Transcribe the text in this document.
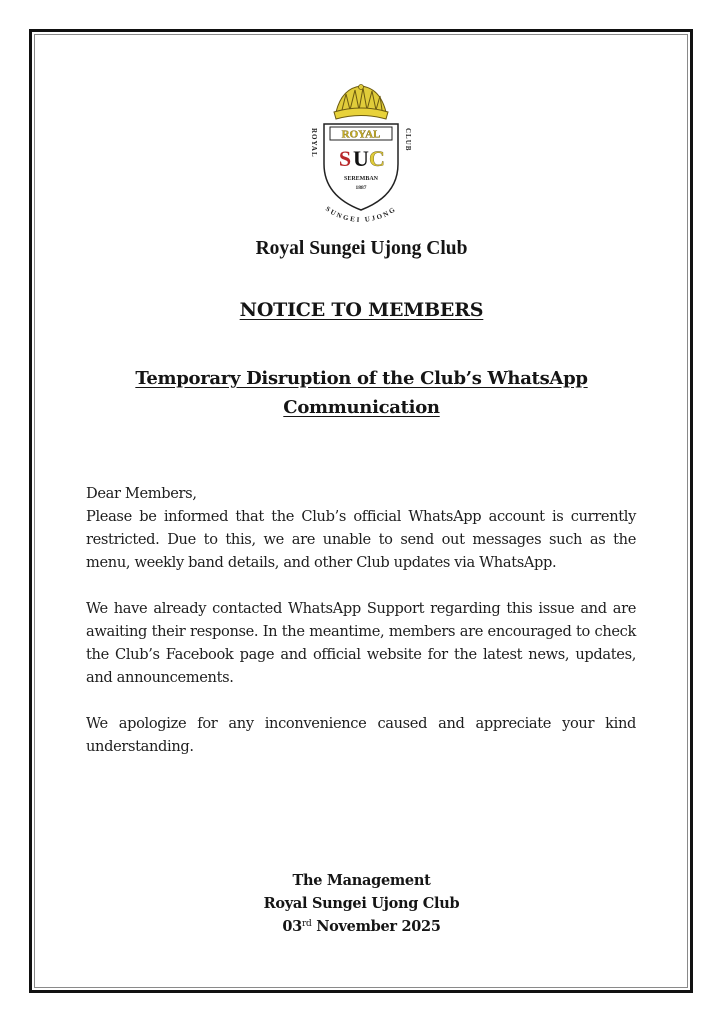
ROYAL
S U C
SEREMBAN
1887
ROYAL	CLUB
SUNGEI UJONG
Royal Sungei Ujong Club
NOTICE TO MEMBERS
Temporary Disruption of the Club’s WhatsApp
Communication

Dear Members,

Please be informed that the Club’s official WhatsApp account is currently restricted. Due to this, we are unable to send out messages such as the menu, weekly band details, and other Club updates via WhatsApp.

We have already contacted WhatsApp Support regarding this issue and are awaiting their response. In the meantime, members are encouraged to check the Club’s Facebook page and official website for the latest news, updates, and announcements.

We apologize for any inconvenience caused and appreciate your kind understanding.

The Management
Royal Sungei Ujong Club
03rd November 2025
